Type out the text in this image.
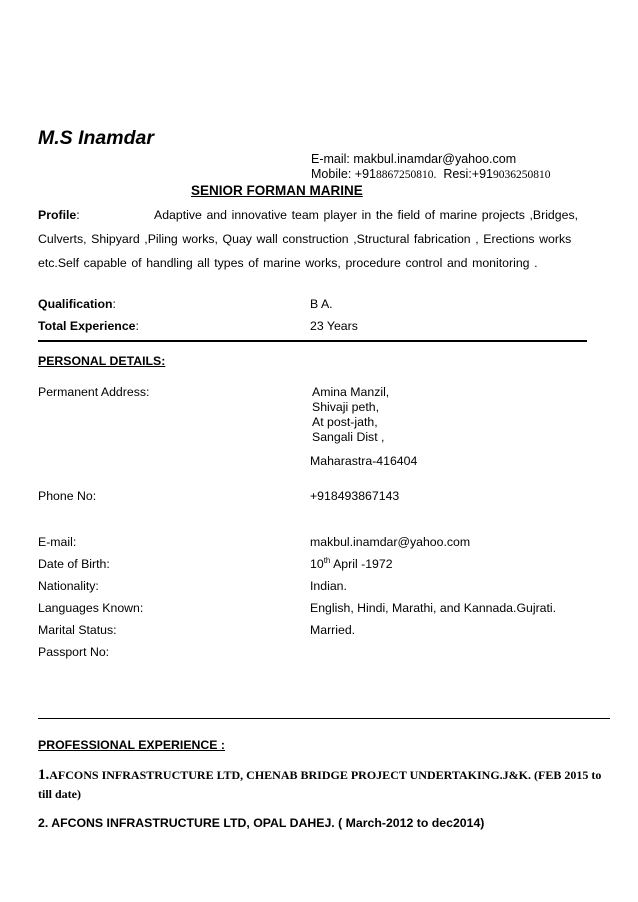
M.S Inamdar
E-mail: makbul.inamdar@yahoo.com
Mobile: +918867250810. Resi:+919036250810
SENIOR FORMAN MARINE
Profile:	Adaptive and innovative team player in the field of marine projects ,Bridges,
Culverts, Shipyard ,Piling works, Quay wall construction ,Structural fabrication , Erections works
etc.Self capable of handling all types of marine works, procedure control and monitoring .
Qualification:	B A.
Total Experience:	23 Years
PERSONAL DETAILS:
Permanent Address:	Amina Manzil,
Shivaji peth,
At post-jath,
Sangali Dist ,
Maharastra-416404
Phone No:	+918493867143
E-mail:	makbul.inamdar@yahoo.com
Date of Birth:	10th April -1972
Nationality:	Indian.
Languages Known:	English, Hindi, Marathi, and Kannada.Gujrati.
Marital Status:	Married.
Passport No:
PROFESSIONAL EXPERIENCE :
1.AFCONS INFRASTRUCTURE LTD, CHENAB BRIDGE PROJECT UNDERTAKING.J&K. (FEB 2015 to till date)
2. AFCONS INFRASTRUCTURE LTD, OPAL DAHEJ. ( March-2012 to dec2014)
